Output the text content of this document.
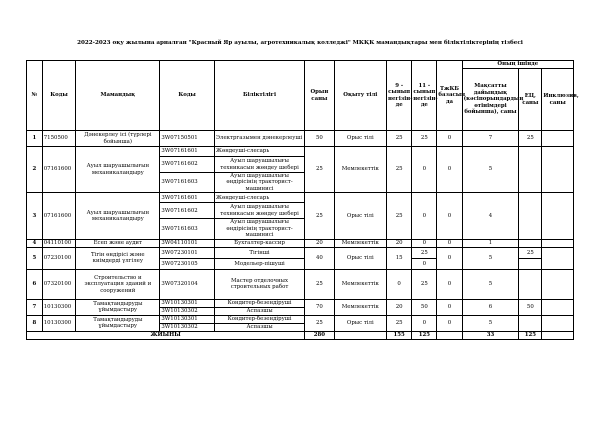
2022-2023 оқу жылына арналған "Красный Яр ауылы, агротехникалық колледжі" МКҚК мамандықтары мен біліктіліктерінің тізбесі
№	Коды	Мамандық	Коды	Біліктілігі	Орын саны	Оқыту тілі	9 - сынып негізін-де	11 - сынып негізін-де	ТжКБ базасын да	Оның ішінде		
										Мақсатты дайындық (кәсіпорындардың өтінімдері бойынша), саны	ЕЦ, саны	Инклюзив, саны
1	7150500	Дәнекерлеу ісі (түрлері бойынша)	3W07150501	Электргазымен дәнекерлеуші	50	Орыс тілі	25	25	0	7	25	
2	07161600	Ауыл шаруашылығын механикаландыру	3W07161601	Жөндеуші-слесарь	25	Мемлекеттік	25	0	0	5		
			3W07161602	Ауыл шаруашылығы техникасын жөндеу шебері								
			3W07161603	Ауыл шаруашылығы өндірісінің тракторист-машинисі								
3	07161600	Ауыл шаруашылығын механикаландыру	3W07161601	Жөндеуші-слесарь	25	Орыс тілі	25	0	0	4		
			3W07161602	Ауыл шаруашылығы техникасын жөндеу шебері								
			3W07161603	Ауыл шаруашылығы өндірісінің тракторист-машинисі								
4	04110100	Есеп және аудит	3W04110101	Бухгалтер-кассир	20	Мемлекеттік	20	0	0	1		
5	07230100	Тігін өндірісі және киімдерді үлгілеу	3W07230101	Тігінші	40	Орыс тілі	15	25	0	5	25	
			3W07230105	Модельер-пішуші				0				
6	07320100	Строительство и эксплуатация зданий и сооружений	3W07320104	Мастер отделочных строительных работ	25	Мемлекеттік	0	25	0	5		
7	10130300	Тамақтандыруды ұйымдастыру	3W10130301	Кондитер-безендіруші	70	Мемлекеттік	20	50	0	6	50	
			3W10130302	Аспазшы								
8	10130300	Тамақтандыруды ұйымдастыру	3W10130301	Кондитер-безендіруші	25	Орыс тілі	25	0	0	5		
			3W10130302	Аспазшы								
ЖИЫНЫ					280		155	125		33	125	
